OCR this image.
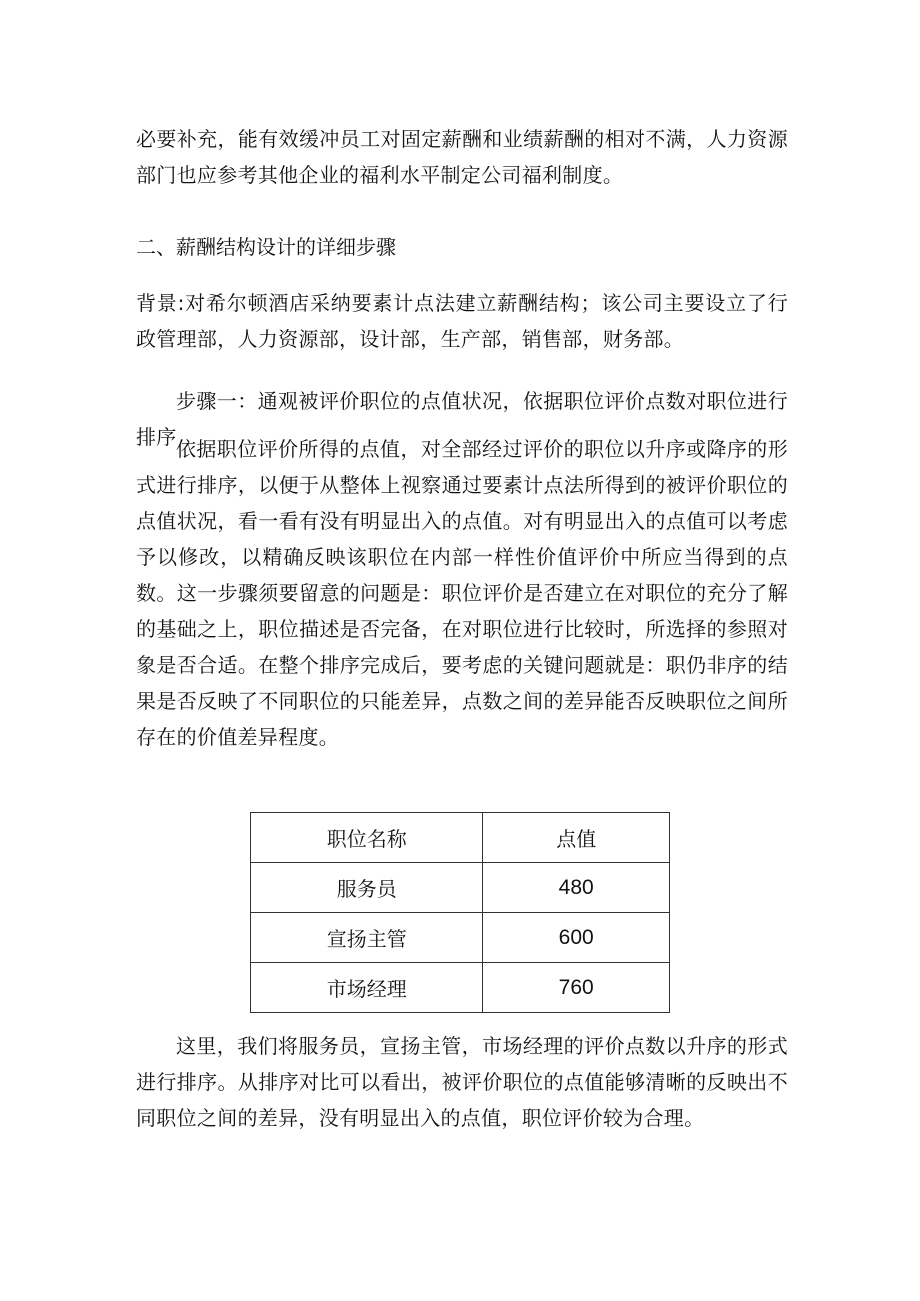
必要补充，能有效缓冲员工对固定薪酬和业绩薪酬的相对不满，人力资源部门也应参考其他企业的福利水平制定公司福利制度。

二、薪酬结构设计的详细步骤

背景:对希尔顿酒店采纳要素计点法建立薪酬结构；该公司主要设立了行政管理部，人力资源部，设计部，生产部，销售部，财务部。

步骤一：通观被评价职位的点值状况，依据职位评价点数对职位进行排序 依据职位评价所得的点值，对全部经过评价的职位以升序或降序的形式进行排序，以便于从整体上视察通过要素计点法所得到的被评价职位的点值状况，看一看有没有明显出入的点值。对有明显出入的点值可以考虑予以修改，以精确反映该职位在内部一样性价值评价中所应当得到的点数。这一步骤须要留意的问题是：职位评价是否建立在对职位的充分了解的基础之上，职位描述是否完备，在对职位进行比较时，所选择的参照对象是否合适。在整个排序完成后，要考虑的关键问题就是：职仍非序的结果是否反映了不同职位的只能差异，点数之间的差异能否反映职位之间所存在的价值差异程度。

职位名称	点值
服务员	480
宣扬主管	600
市场经理	760

这里，我们将服务员，宣扬主管，市场经理的评价点数以升序的形式进行排序。从排序对比可以看出，被评价职位的点值能够清晰的反映出不同职位之间的差异，没有明显出入的点值，职位评价较为合理。
